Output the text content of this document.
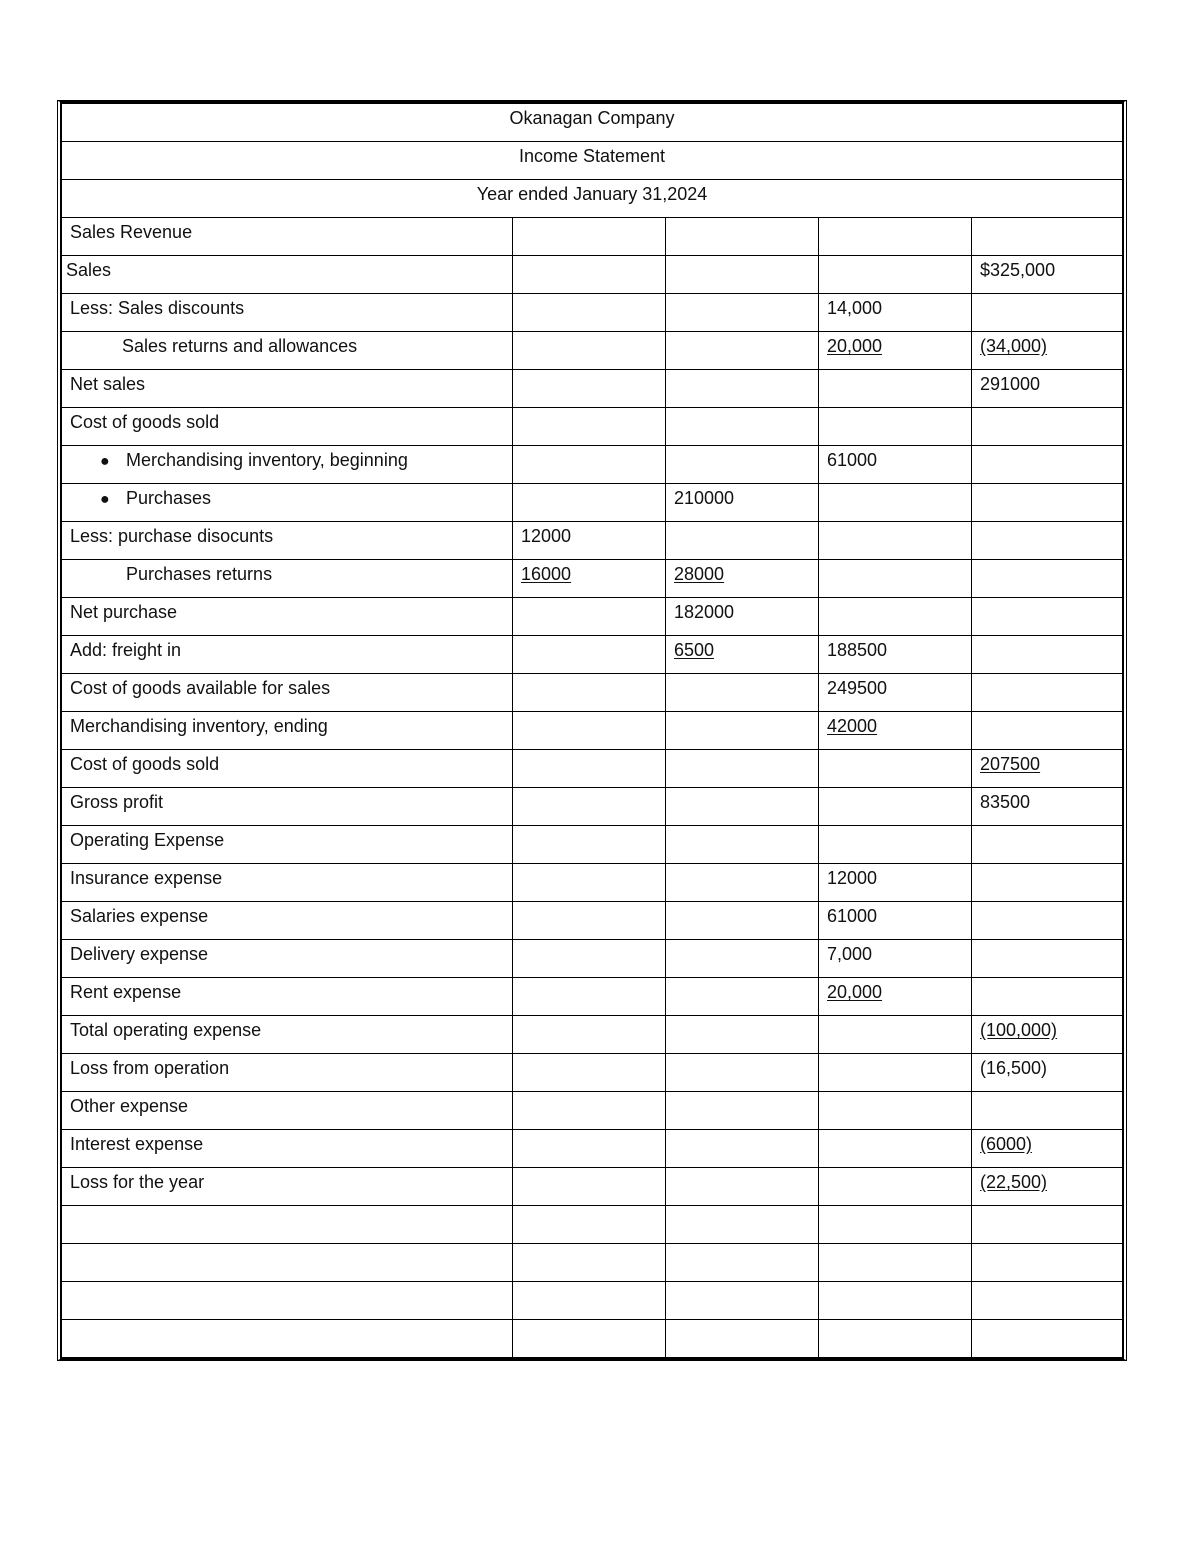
Okanagan Company				
Income Statement				
Year ended January 31,2024				
Sales Revenue				
Sales				$325,000
Less: Sales discounts			14,000	
Sales returns and allowances			20,000	(34,000)
Net sales				291000
Cost of goods sold				

● Merchandising inventory, beginning			61000	

● Purchases		210000		
Less: purchase disocunts	12000			
Purchases returns	16000	28000		
Net purchase		182000		
Add: freight in		6500	188500	
Cost of goods available for sales			249500	
Merchandising inventory, ending			42000	
Cost of goods sold				207500
Gross profit				83500
Operating Expense				
Insurance expense			12000	
Salaries expense			61000	
Delivery expense			7,000	
Rent expense			20,000	
Total operating expense				(100,000)
Loss from operation				(16,500)
Other expense				
Interest expense				(6000)
Loss for the year				(22,500)
